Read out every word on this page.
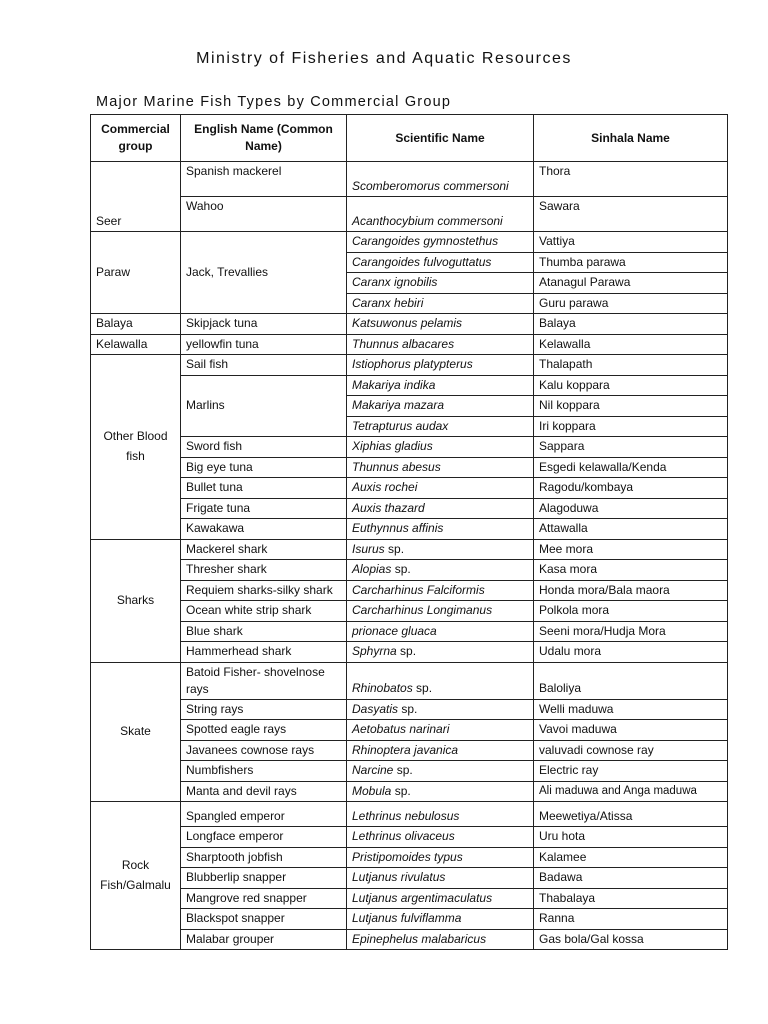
Ministry of Fisheries and Aquatic Resources
Major Marine Fish Types by Commercial Group
Commercial group	English Name (Common Name)	Scientific Name	Sinhala Name
Seer	Spanish mackerel	Scomberomorus commersoni	Thora
	Wahoo	Acanthocybium commersoni	Sawara
Paraw	Jack, Trevallies	Carangoides gymnostethus	Vattiya
		Carangoides fulvoguttatus	Thumba parawa
		Caranx ignobilis	Atanagul Parawa
		Caranx hebiri	Guru parawa
Balaya	Skipjack tuna	Katsuwonus pelamis	Balaya
Kelawalla	yellowfin tuna	Thunnus albacares	Kelawalla
Other Blood fish	Sail fish	Istiophorus platypterus	Thalapath
	Marlins	Makariya indika	Kalu koppara
		Makariya mazara	Nil koppara
		Tetrapturus audax	Iri koppara
	Sword fish	Xiphias gladius	Sappara
	Big eye tuna	Thunnus abesus	Esgedi kelawalla/Kenda
	Bullet tuna	Auxis rochei	Ragodu/kombaya
	Frigate tuna	Auxis thazard	Alagoduwa
	Kawakawa	Euthynnus affinis	Attawalla
Sharks	Mackerel shark	Isurus sp.	Mee mora
	Thresher shark	Alopias sp.	Kasa mora
	Requiem sharks-silky shark	Carcharhinus Falciformis	Honda mora/Bala maora
	Ocean white strip shark	Carcharhinus Longimanus	Polkola mora
	Blue shark	prionace gluaca	Seeni mora/Hudja Mora
	Hammerhead shark	Sphyrna sp.	Udalu mora
Skate	Batoid Fisher- shovelnose rays	Rhinobatos sp.	Baloliya
	String rays	Dasyatis sp.	Welli maduwa
	Spotted eagle rays	Aetobatus narinari	Vavoi maduwa
	Javanees cownose rays	Rhinoptera javanica	valuvadi cownose ray
	Numbfishers	Narcine sp.	Electric ray
	Manta and devil rays	Mobula sp.	Ali maduwa and Anga maduwa
Rock Fish/Galmalu	Spangled emperor	Lethrinus nebulosus	Meewetiya/Atissa
	Longface emperor	Lethrinus olivaceus	Uru hota
	Sharptooth jobfish	Pristipomoides typus	Kalamee
	Blubberlip snapper	Lutjanus rivulatus	Badawa
	Mangrove red snapper	Lutjanus argentimaculatus	Thabalaya
	Blackspot snapper	Lutjanus fulviflamma	Ranna
	Malabar grouper	Epinephelus malabaricus	Gas bola/Gal kossa
